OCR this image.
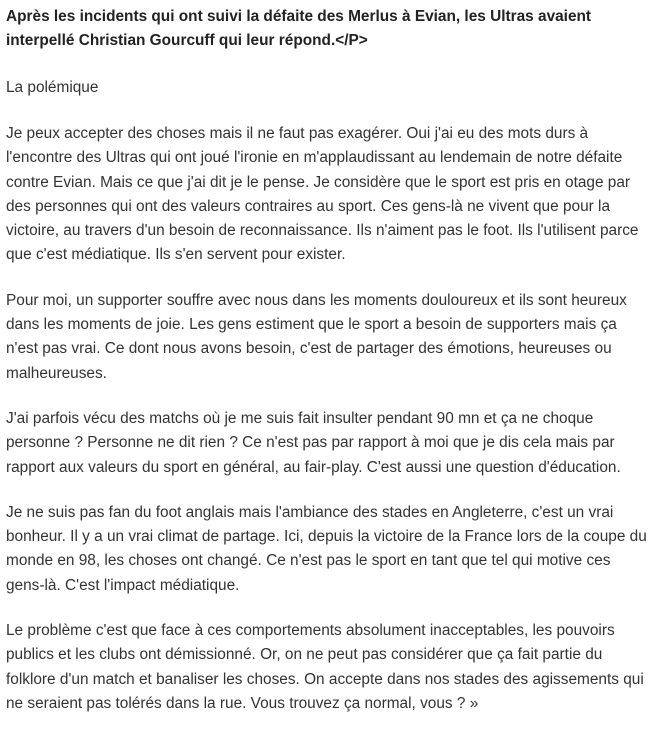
Après les incidents qui ont suivi la défaite des Merlus à Evian, les Ultras avaient interpellé Christian Gourcuff qui leur répond.</P>

La polémique

Je peux accepter des choses mais il ne faut pas exagérer. Oui j'ai eu des mots durs à l'encontre des Ultras qui ont joué l'ironie en m'applaudissant au lendemain de notre défaite contre Evian. Mais ce que j'ai dit je le pense. Je considère que le sport est pris en otage par des personnes qui ont des valeurs contraires au sport. Ces gens-là ne vivent que pour la victoire, au travers d'un besoin de reconnaissance. Ils n'aiment pas le foot. Ils l'utilisent parce que c'est médiatique. Ils s'en servent pour exister.

Pour moi, un supporter souffre avec nous dans les moments douloureux et ils sont heureux dans les moments de joie. Les gens estiment que le sport a besoin de supporters mais ça n'est pas vrai. Ce dont nous avons besoin, c'est de partager des émotions, heureuses ou malheureuses.

J'ai parfois vécu des matchs où je me suis fait insulter pendant 90 mn et ça ne choque personne ? Personne ne dit rien ? Ce n'est pas par rapport à moi que je dis cela mais par rapport aux valeurs du sport en général, au fair-play. C'est aussi une question d'éducation.

Je ne suis pas fan du foot anglais mais l'ambiance des stades en Angleterre, c'est un vrai bonheur. Il y a un vrai climat de partage. Ici, depuis la victoire de la France lors de la coupe du monde en 98, les choses ont changé. Ce n'est pas le sport en tant que tel qui motive ces gens-là. C'est l'impact médiatique.

Le problème c'est que face à ces comportements absolument inacceptables, les pouvoirs publics et les clubs ont démissionné. Or, on ne peut pas considérer que ça fait partie du folklore d'un match et banaliser les choses. On accepte dans nos stades des agissements qui ne seraient pas tolérés dans la rue. Vous trouvez ça normal, vous ? »
